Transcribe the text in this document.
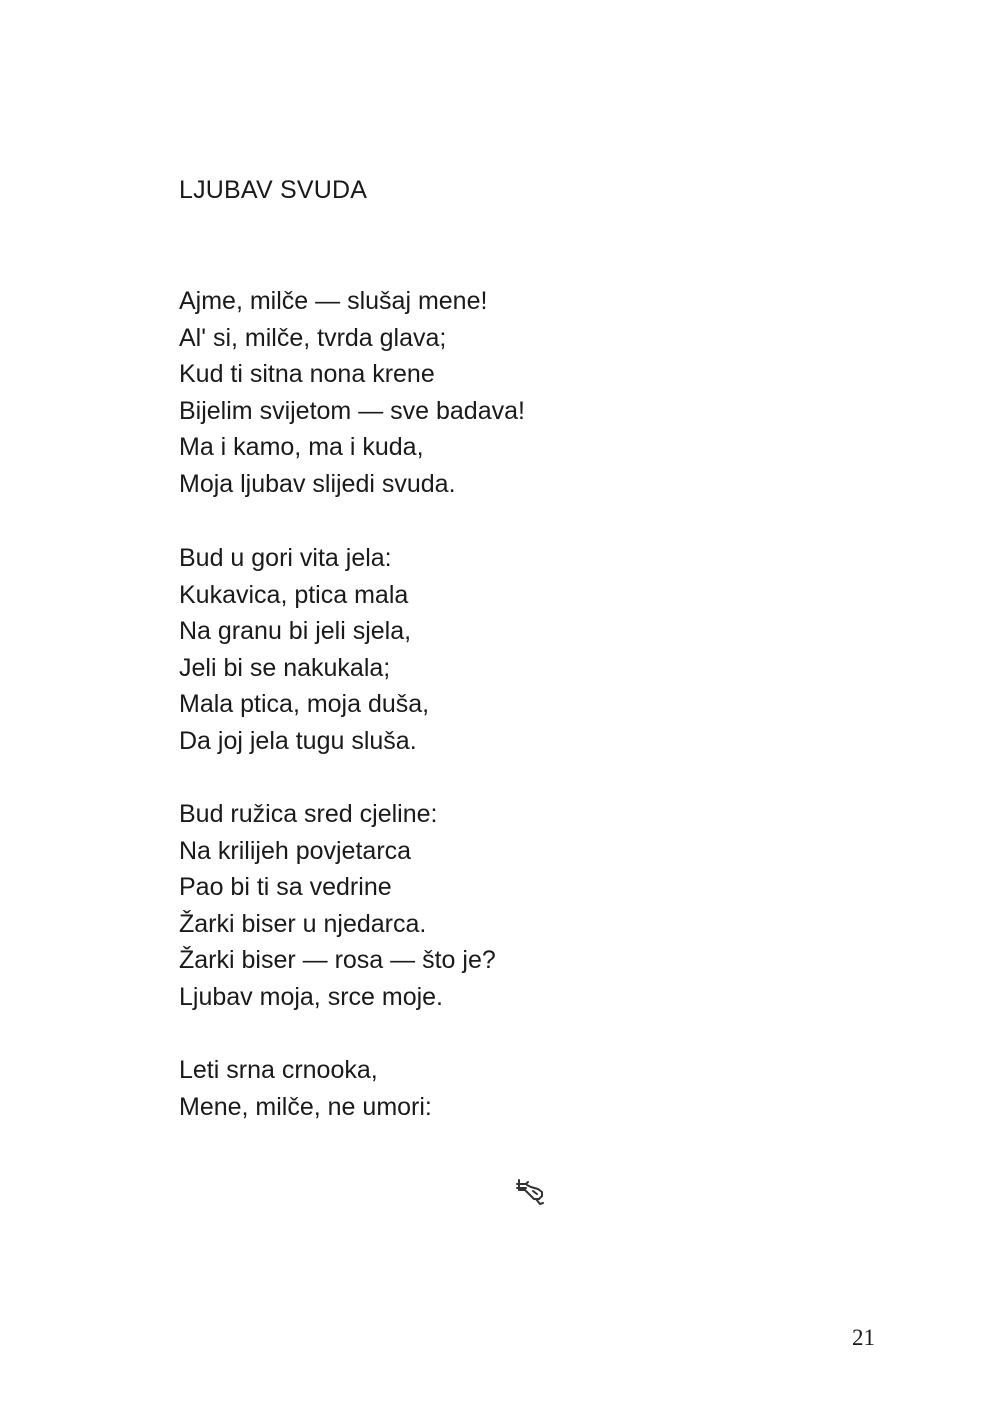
LJUBAV SVUDA
Ajme, milče — slušaj mene!
Al' si, milče, tvrda glava;
Kud ti sitna nona krene
Bijelim svijetom — sve badava!
Ma i kamo, ma i kuda,
Moja ljubav slijedi svuda.
Bud u gori vita jela:
Kukavica, ptica mala
Na granu bi jeli sjela,
Jeli bi se nakukala;
Mala ptica, moja duša,
Da joj jela tugu sluša.
Bud ružica sred cjeline:
Na krilijeh povjetarca
Pao bi ti sa vedrine
Žarki biser u njedarca.
Žarki biser — rosa — što je?
Ljubav moja, srce moje.
Leti srna crnooka,
Mene, milče, ne umori:
21
